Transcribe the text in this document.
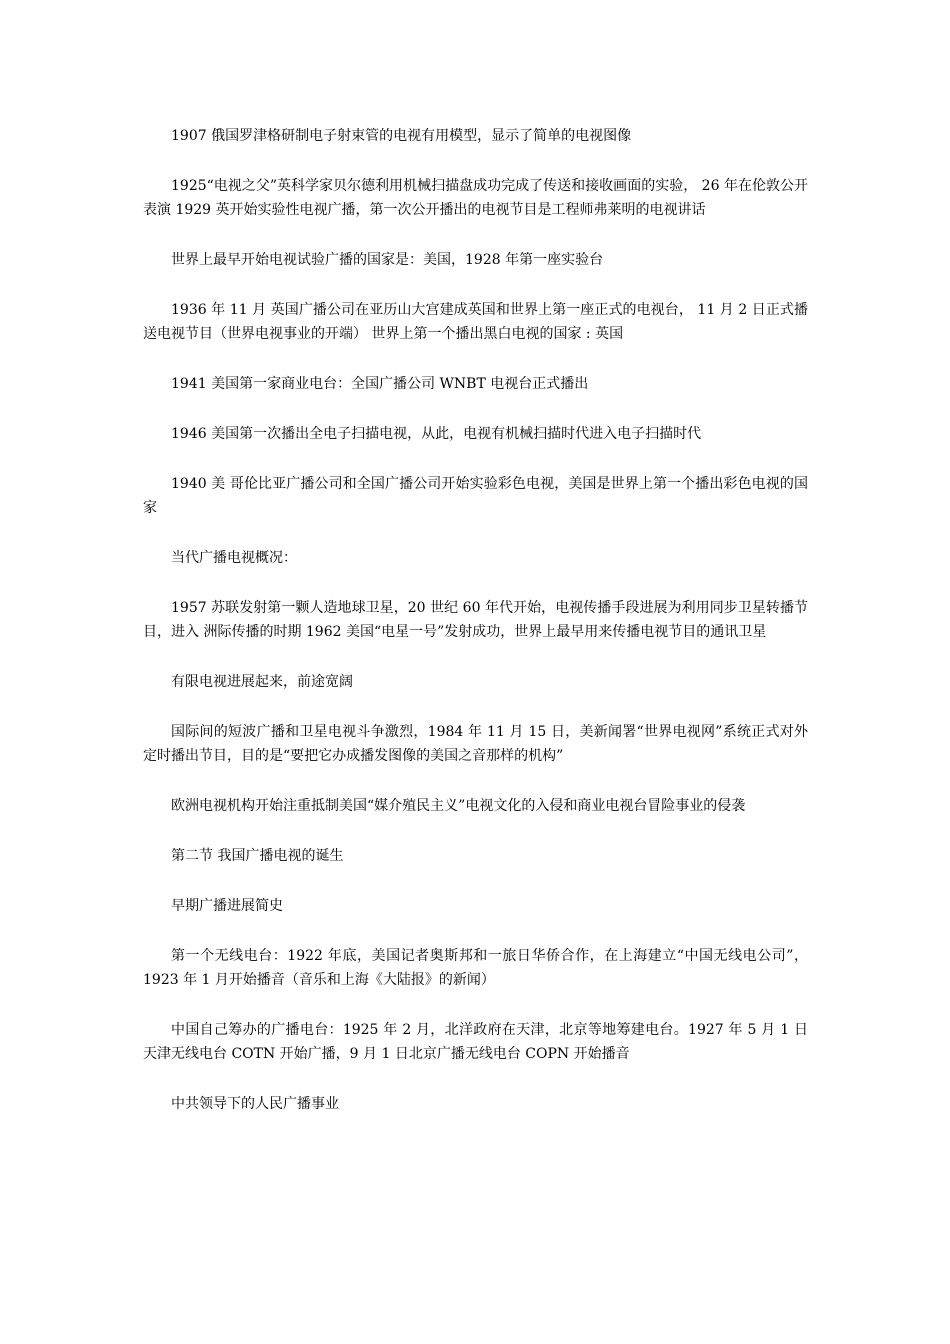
1907 俄国罗津格研制电子射束管的电视有用模型，显示了简单的电视图像

1925“电视之父”英科学家贝尔德利用机械扫描盘成功完成了传送和接收画面的实验， 26 年在伦敦公开表演 1929 英开始实验性电视广播，第一次公开播出的电视节目是工程师弗莱明的电视讲话

世界上最早开始电视试验广播的国家是：美国，1928 年第一座实验台

1936 年 11 月 英国广播公司在亚历山大宫建成英国和世界上第一座正式的电视台， 11 月 2 日正式播送电视节目（世界电视事业的开端） 世界上第一个播出黑白电视的国家 : 英国

1941 美国第一家商业电台：全国广播公司 WNBT 电视台正式播出

1946 美国第一次播出全电子扫描电视，从此，电视有机械扫描时代进入电子扫描时代

1940 美 哥伦比亚广播公司和全国广播公司开始实验彩色电视，美国是世界上第一个播出彩色电视的国家

当代广播电视概况：

1957 苏联发射第一颗人造地球卫星，20 世纪 60 年代开始，电视传播手段进展为利用同步卫星转播节目，进入 洲际传播的时期 1962 美国“电星一号”发射成功，世界上最早用来传播电视节目的通讯卫星

有限电视进展起来，前途宽阔

国际间的短波广播和卫星电视斗争激烈，1984 年 11 月 15 日，美新闻署“世界电视网”系统正式对外定时播出节目，目的是“要把它办成播发图像的美国之音那样的机构”

欧洲电视机构开始注重抵制美国“媒介殖民主义”电视文化的入侵和商业电视台冒险事业的侵袭

第二节 我国广播电视的诞生

早期广播进展简史

第一个无线电台：1922 年底，美国记者奥斯邦和一旅日华侨合作，在上海建立“中国无线电公司”，1923 年 1 月开始播音（音乐和上海《大陆报》的新闻）

中国自己筹办的广播电台：1925 年 2 月，北洋政府在天津，北京等地筹建电台。1927 年 5 月 1 日天津无线电台 COTN 开始广播，9 月 1 日北京广播无线电台 COPN 开始播音

中共领导下的人民广播事业
